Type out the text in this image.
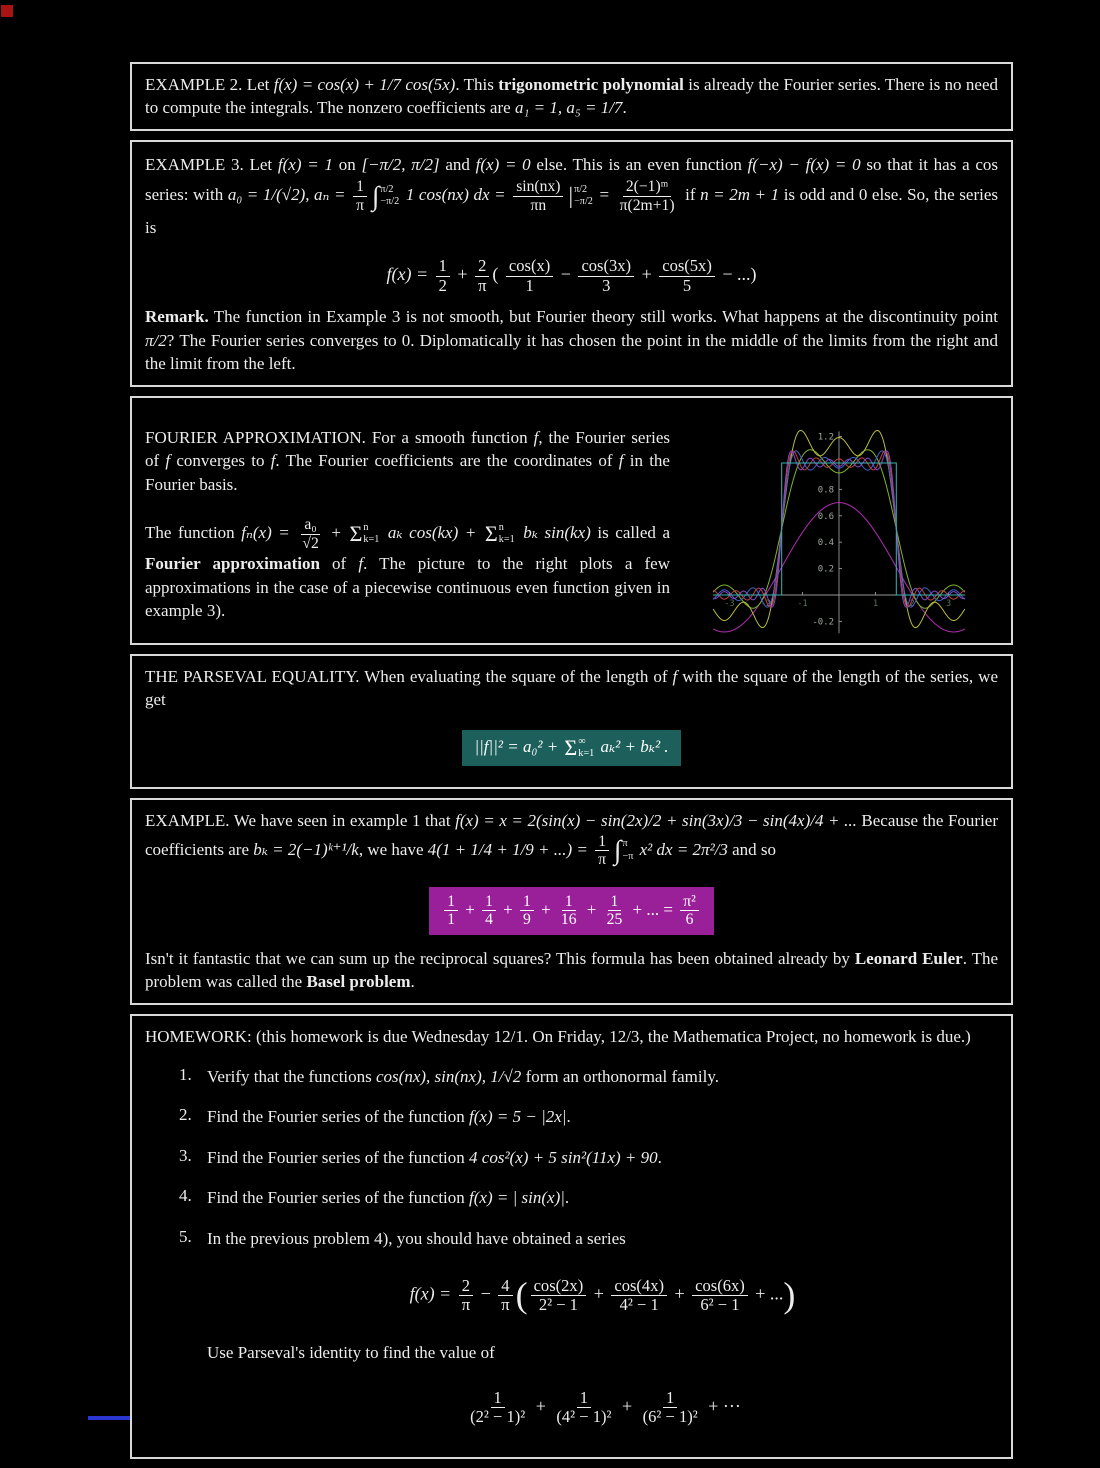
EXAMPLE 2. Let f(x) = cos(x) + 1/7 cos(5x). This trigonometric polynomial is already the Fourier series. There is no need to compute the integrals. The nonzero coefficients are a₁ = 1, a₅ = 1/7.

EXAMPLE 3. Let f(x) = 1 on [−π/2, π/2] and f(x) = 0 else. This is an even function f(−x) − f(x) = 0 so that it has a cos series: with a₀ = 1/(√2), $a_n = \frac{1}{\pi}$ ∫ π/2
−π/2 1 cos(nx) dx = $\frac{\sin(nx)}{\pi n}$ | π/2
$-\pi/2 = \frac{\text{2(−1)ᵐ}}{\pi(2m+1)}$ if n = 2m + 1 is odd and 0 else. So, the series is

$f(x) = \frac{1}{2} + \frac{2}{\pi}$ ( $\frac{\cos(x)}{1} - \frac{\cos(3x)}{3} + \frac{\cos(5x)}{5}$ − ...)

Remark. The function in Example 3 is not smooth, but Fourier theory still works. What happens at the discontinuity point π/2? The Fourier series converges to 0. Diplomatically it has chosen the point in the middle of the limits from the right and the limit from the left.

FOURIER APPROXIMATION. For a smooth function f, the Fourier series of f converges to f. The Fourier coefficients are the coordinates of f in the Fourier basis.

The function $f_n(x) = \frac{\text{a₀}}{√2} + \Sigma$ n
k=1 aₖ cos(kx) + Σ n
k=1 bₖ sin(kx) is called a Fourier approximation of f. The picture to the right plots a few approximations in the case of a piecewise continuous even function given in example 3).

1.2
0.8
0.6
0.4
0.2
-0.2
-3	-2	-1	1	2	3

THE PARSEVAL EQUALITY. When evaluating the square of the length of f with the square of the length of the series, we get

||f||² = a₀² + Σ ∞
k=1 aₖ² + bₖ² .

EXAMPLE. We have seen in example 1 that f(x) = x = 2(sin(x) − sin(2x)/2 + sin(3x)/3 − sin(4x)/4 + ... Because the Fourier coefficients are bₖ = 2(−1)ᵏ⁺¹/k, we have 4(1 + 1/4 + 1/9 + ...) = $\frac{1}{\pi}$ ∫ π
−π x² dx = 2π²/3 and so

$\frac{1}{1} + \frac{1}{4} + \frac{1}{9} + \frac{1}{16} + \frac{1}{25}$ + ... = $\frac{\text{π²}}{6}$

Isn't it fantastic that we can sum up the reciprocal squares? This formula has been obtained already by Leonard Euler. The problem was called the Basel problem.

HOMEWORK: (this homework is due Wednesday 12/1. On Friday, 12/3, the Mathematica Project, no homework is due.)

1. Verify that the functions cos(nx), sin(nx), 1/√2 form an orthonormal family.

2. Find the Fourier series of the function f(x) = 5 − |2x|.

3. Find the Fourier series of the function 4 cos²(x) + 5 sin²(11x) + 90.

4. Find the Fourier series of the function f(x) = | sin(x)|.

5. In the previous problem 4), you should have obtained a series

$f(x) = \frac{2}{\pi} - \frac{4}{\pi}$ ( $\frac{\cos(2x)}{\text{2² − 1}} + \frac{\cos(4x)}{\text{4² − 1}} + \frac{\cos(6x)}{\text{6² − 1}}$ + ...)

Use Parseval's identity to find the value of

$\frac{1}{\text{(2² − 1)²}} + \frac{1}{\text{(4² − 1)²}} + \frac{1}{\text{(6² − 1)²}}$ + ···
